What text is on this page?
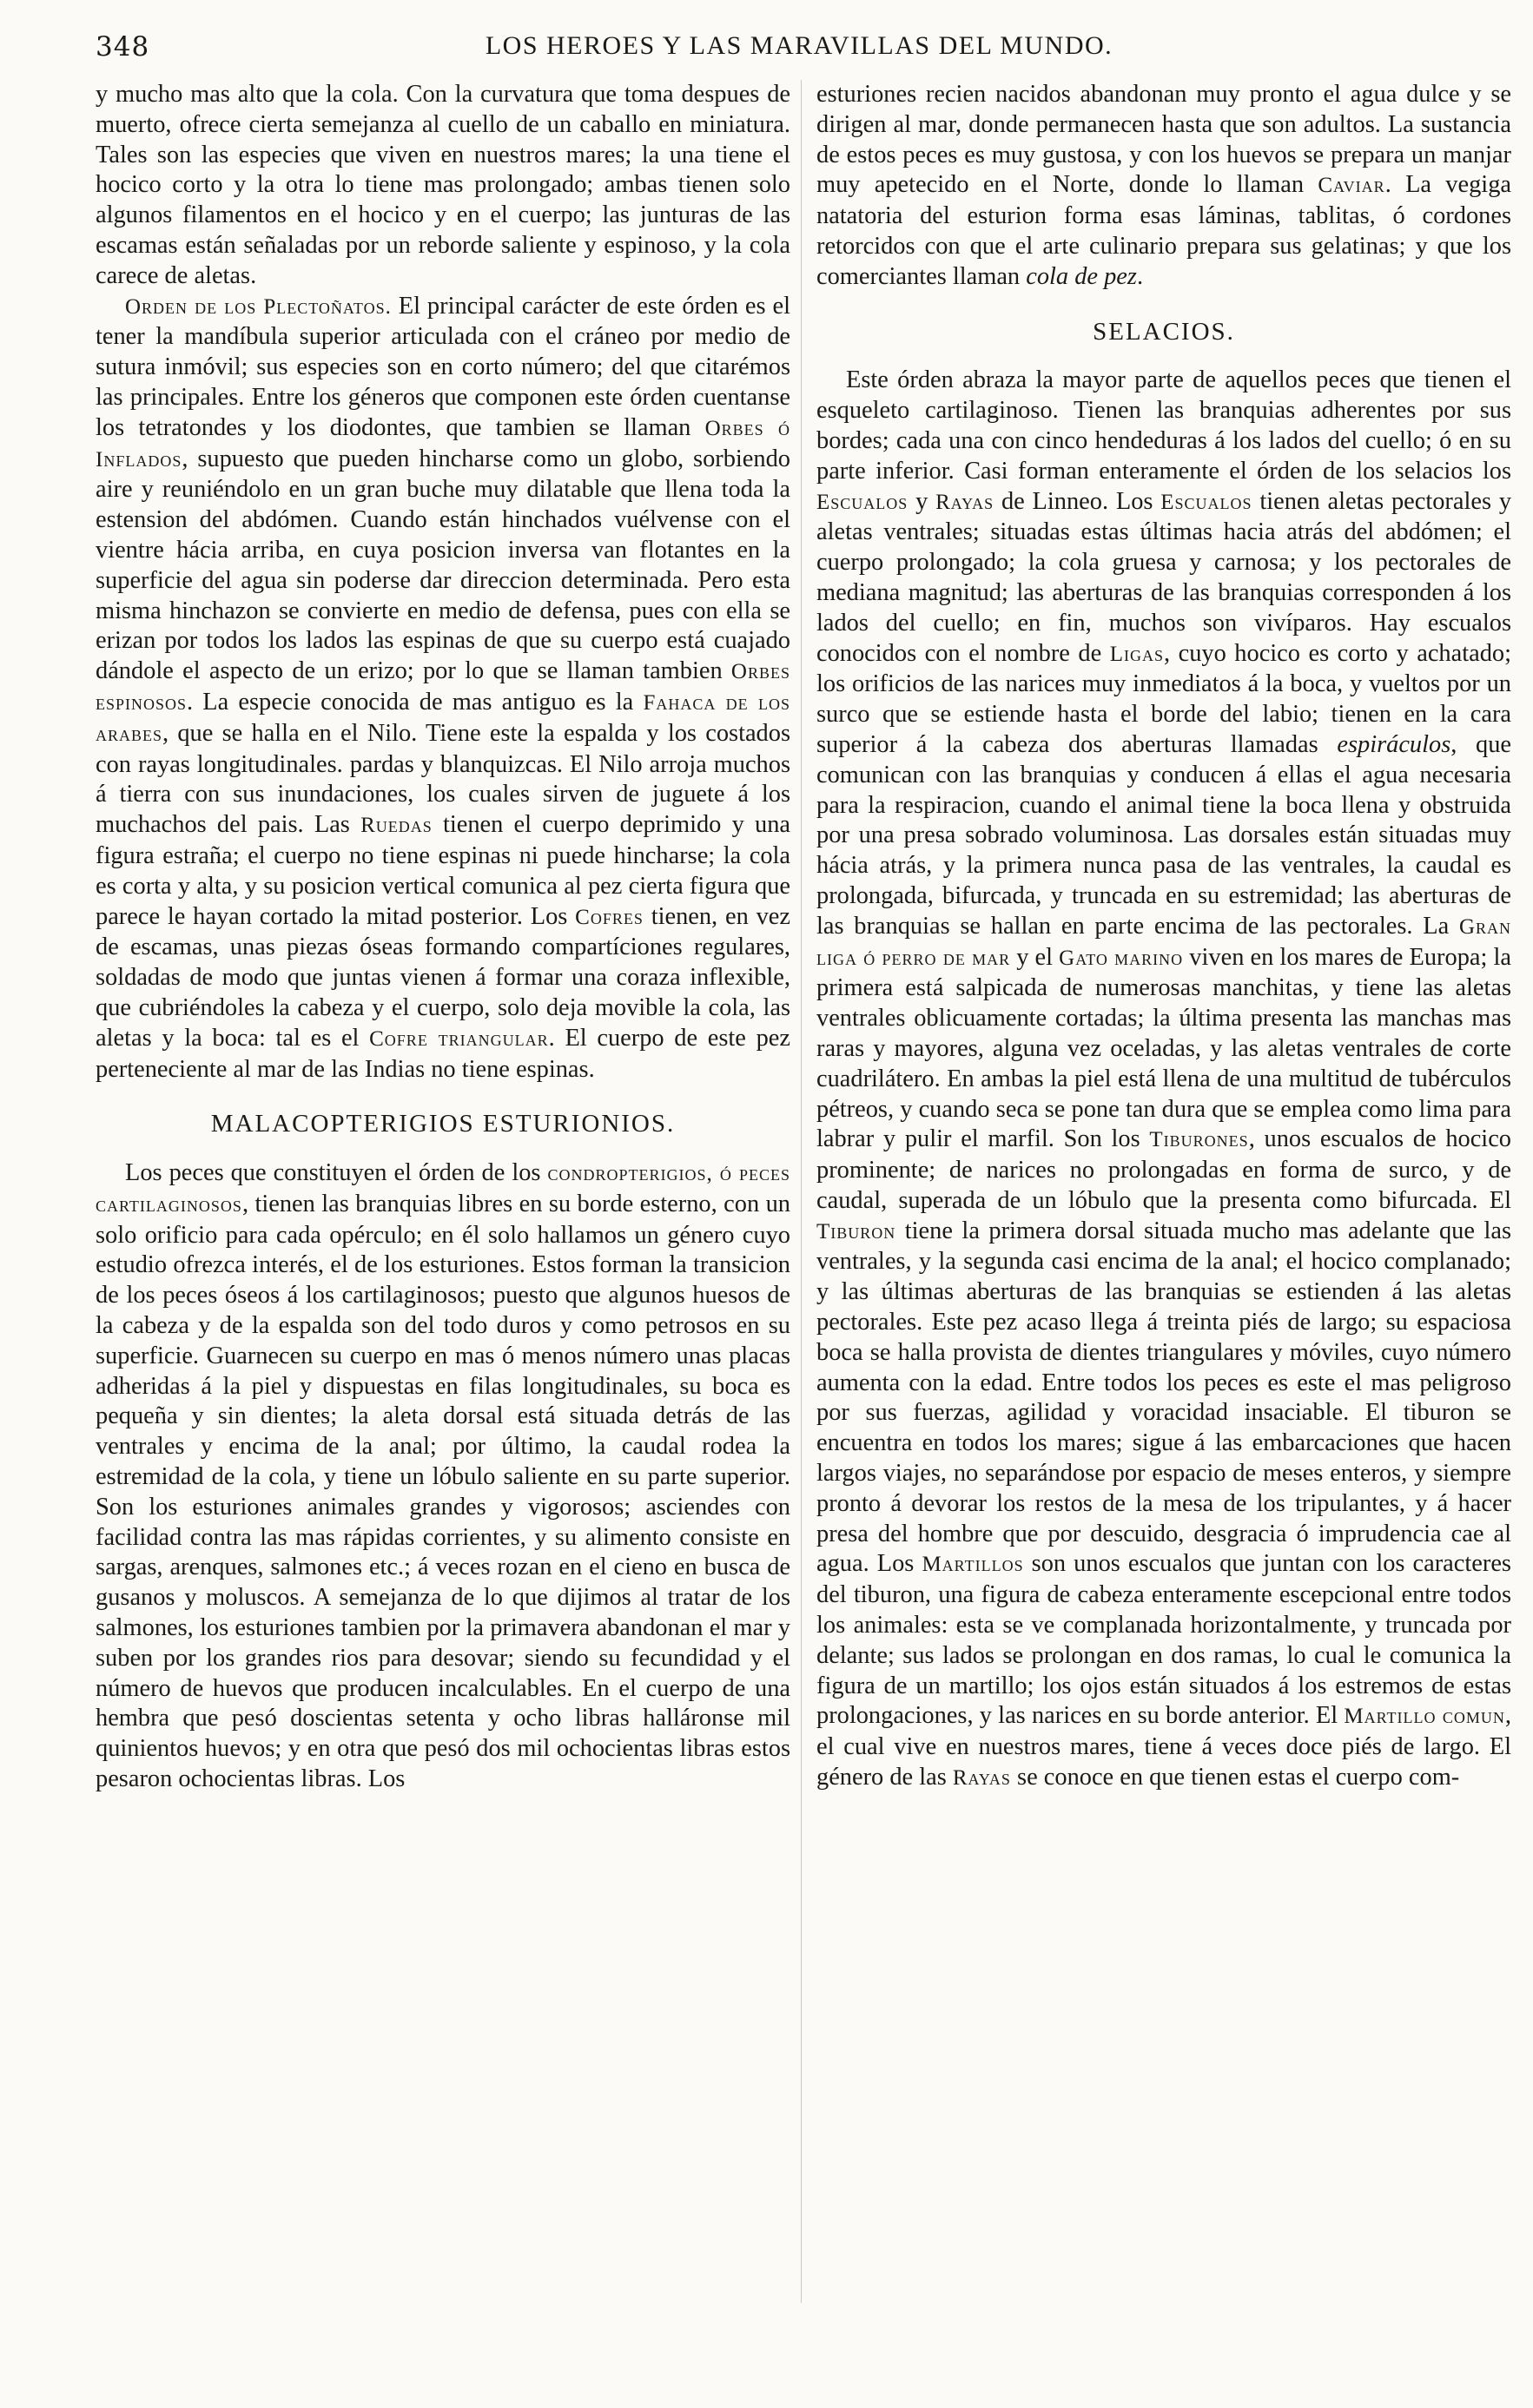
348	LOS HEROES Y LAS MARAVILLAS DEL MUNDO.

y mucho mas alto que la cola. Con la curvatura que toma despues de muerto, ofrece cierta semejanza al cuello de un caballo en miniatura. Tales son las especies que viven en nuestros mares; la una tiene el hocico corto y la otra lo tiene mas prolongado; ambas tienen solo algunos filamentos en el hocico y en el cuerpo; las junturas de las escamas están señaladas por un reborde saliente y espinoso, y la cola carece de aletas.

Orden de los Plectoñatos. El principal carácter de este órden es el tener la mandíbula superior articulada con el cráneo por medio de sutura inmóvil; sus especies son en corto número; del que citarémos las principales. Entre los géneros que componen este órden cuentanse los tetratondes y los diodontes, que tambien se llaman Orbes ó Inflados, supuesto que pueden hincharse como un globo, sorbiendo aire y reuniéndolo en un gran buche muy dilatable que llena toda la estension del abdómen. Cuando están hinchados vuélvense con el vientre hácia arriba, en cuya posicion inversa van flotantes en la superficie del agua sin poderse dar direccion determinada. Pero esta misma hinchazon se convierte en medio de defensa, pues con ella se erizan por todos los lados las espinas de que su cuerpo está cuajado dándole el aspecto de un erizo; por lo que se llaman tambien Orbes espinosos. La especie conocida de mas antiguo es la Fahaca de los arabes, que se halla en el Nilo. Tiene este la espalda y los costados con rayas longitudinales. pardas y blanquizcas. El Nilo arroja muchos á tierra con sus inundaciones, los cuales sirven de juguete á los muchachos del pais. Las Ruedas tienen el cuerpo deprimido y una figura estraña; el cuerpo no tiene espinas ni puede hincharse; la cola es corta y alta, y su posicion vertical comunica al pez cierta figura que parece le hayan cortado la mitad posterior. Los Cofres tienen, en vez de escamas, unas piezas óseas formando compartíciones regulares, soldadas de modo que juntas vienen á formar una coraza inflexible, que cubriéndoles la cabeza y el cuerpo, solo deja movible la cola, las aletas y la boca: tal es el Cofre triangular. El cuerpo de este pez perteneciente al mar de las Indias no tiene espinas.

MALACOPTERIGIOS ESTURIONIOS.

Los peces que constituyen el órden de los condropterigios, ó peces cartilaginosos, tienen las branquias libres en su borde esterno, con un solo orificio para cada opérculo; en él solo hallamos un género cuyo estudio ofrezca interés, el de los esturiones. Estos forman la transicion de los peces óseos á los cartilaginosos; puesto que algunos huesos de la cabeza y de la espalda son del todo duros y como petrosos en su superficie. Guarnecen su cuerpo en mas ó menos número unas placas adheridas á la piel y dispuestas en filas longitudinales, su boca es pequeña y sin dientes; la aleta dorsal está situada detrás de las ventrales y encima de la anal; por último, la caudal rodea la estremidad de la cola, y tiene un lóbulo saliente en su parte superior. Son los esturiones animales grandes y vigorosos; asciendes con facilidad contra las mas rápidas corrientes, y su alimento consiste en sargas, arenques, salmones etc.; á veces rozan en el cieno en busca de gusanos y moluscos. A semejanza de lo que dijimos al tratar de los salmones, los esturiones tambien por la primavera abandonan el mar y suben por los grandes rios para desovar; siendo su fecundidad y el número de huevos que producen incalculables. En el cuerpo de una hembra que pesó doscientas setenta y ocho libras halláronse mil quinientos huevos; y en otra que pesó dos mil ochocientas libras estos pesaron ochocientas libras. Los

esturiones recien nacidos abandonan muy pronto el agua dulce y se dirigen al mar, donde permanecen hasta que son adultos. La sustancia de estos peces es muy gustosa, y con los huevos se prepara un manjar muy apetecido en el Norte, donde lo llaman Caviar. La vegiga natatoria del esturion forma esas láminas, tablitas, ó cordones retorcidos con que el arte culinario prepara sus gelatinas; y que los comerciantes llaman cola de pez.

SELACIOS.

Este órden abraza la mayor parte de aquellos peces que tienen el esqueleto cartilaginoso. Tienen las branquias adherentes por sus bordes; cada una con cinco hendeduras á los lados del cuello; ó en su parte inferior. Casi forman enteramente el órden de los selacios los Escualos y Rayas de Linneo. Los Escualos tienen aletas pectorales y aletas ventrales; situadas estas últimas hacia atrás del abdómen; el cuerpo prolongado; la cola gruesa y carnosa; y los pectorales de mediana magnitud; las aberturas de las branquias corresponden á los lados del cuello; en fin, muchos son vivíparos. Hay escualos conocidos con el nombre de Ligas, cuyo hocico es corto y achatado; los orificios de las narices muy inmediatos á la boca, y vueltos por un surco que se estiende hasta el borde del labio; tienen en la cara superior á la cabeza dos aberturas llamadas espiráculos, que comunican con las branquias y conducen á ellas el agua necesaria para la respiracion, cuando el animal tiene la boca llena y obstruida por una presa sobrado voluminosa. Las dorsales están situadas muy hácia atrás, y la primera nunca pasa de las ventrales, la caudal es prolongada, bifurcada, y truncada en su estremidad; las aberturas de las branquias se hallan en parte encima de las pectorales. La Gran liga ó perro de mar y el Gato marino viven en los mares de Europa; la primera está salpicada de numerosas manchitas, y tiene las aletas ventrales oblicuamente cortadas; la última presenta las manchas mas raras y mayores, alguna vez oceladas, y las aletas ventrales de corte cuadrilátero. En ambas la piel está llena de una multitud de tubérculos pétreos, y cuando seca se pone tan dura que se emplea como lima para labrar y pulir el marfil. Son los Tiburones, unos escualos de hocico prominente; de narices no prolongadas en forma de surco, y de caudal, superada de un lóbulo que la presenta como bifurcada. El Tiburon tiene la primera dorsal situada mucho mas adelante que las ventrales, y la segunda casi encima de la anal; el hocico complanado; y las últimas aberturas de las branquias se estienden á las aletas pectorales. Este pez acaso llega á treinta piés de largo; su espaciosa boca se halla provista de dientes triangulares y móviles, cuyo número aumenta con la edad. Entre todos los peces es este el mas peligroso por sus fuerzas, agilidad y voracidad insaciable. El tiburon se encuentra en todos los mares; sigue á las embarcaciones que hacen largos viajes, no separándose por espacio de meses enteros, y siempre pronto á devorar los restos de la mesa de los tripulantes, y á hacer presa del hombre que por descuido, desgracia ó imprudencia cae al agua. Los Martillos son unos escualos que juntan con los caracteres del tiburon, una figura de cabeza enteramente escepcional entre todos los animales: esta se ve complanada horizontalmente, y truncada por delante; sus lados se prolongan en dos ramas, lo cual le comunica la figura de un martillo; los ojos están situados á los estremos de estas prolongaciones, y las narices en su borde anterior. El Martillo comun, el cual vive en nuestros mares, tiene á veces doce piés de largo. El género de las Rayas se conoce en que tienen estas el cuerpo com-
